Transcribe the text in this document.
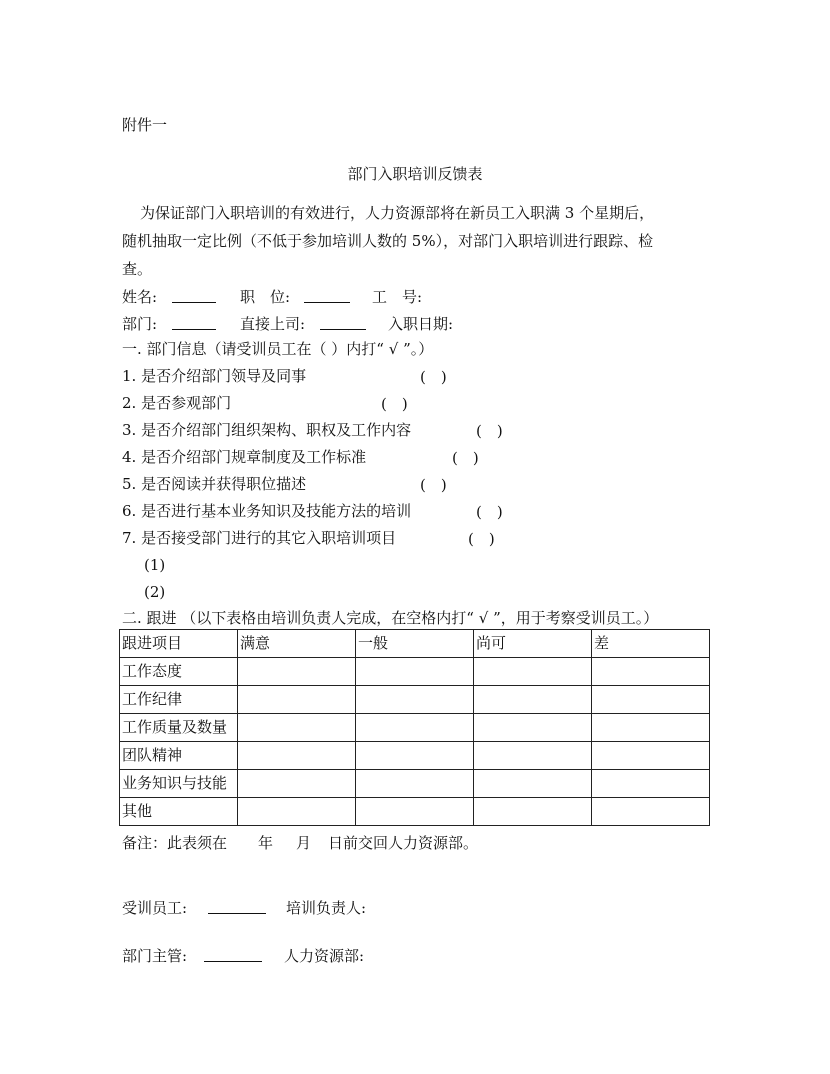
附件一
部门入职培训反馈表
为保证部门入职培训的有效进行，人力资源部将在新员工入职满 3 个星期后，
随机抽取一定比例（不低于参加培训人数的 5%），对部门入职培训进行跟踪、检
查。
姓名:	职　位:	工　号:
部门:	直接上司:	入职日期:
一. 部门信息（请受训员工在（ ）内打“ √ ”。）
1. 是否介绍部门领导及同事	(　)
2. 是否参观部门	(　)
3. 是否介绍部门组织架构、职权及工作内容	(　)
4. 是否介绍部门规章制度及工作标准	(　)
5. 是否阅读并获得职位描述	(　)
6. 是否进行基本业务知识及技能方法的培训	(　)
7. 是否接受部门进行的其它入职培训项目	(　)
(1)
(2)
二. 跟进 （以下表格由培训负责人完成，在空格内打“ √ ”，用于考察受训员工。）
跟进项目	满意	一般	尚可	差
工作态度				
工作纪律				
工作质量及数量				
团队精神				
业务知识与技能				
其他				
备注：此表须在 年 月 日前交回人力资源部。
受训员工:	培训负责人:
部门主管:	人力资源部:
